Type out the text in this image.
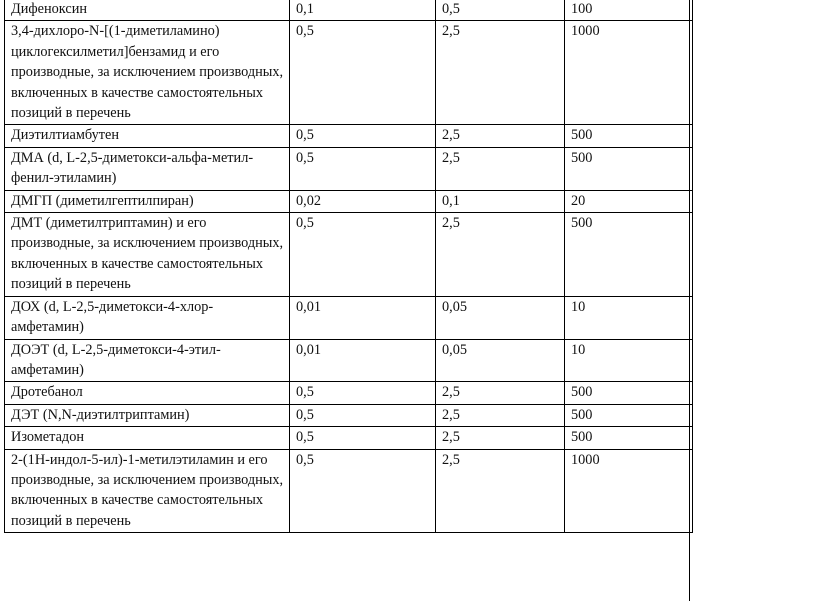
Дифеноксин	0,1	0,5	100
3,4-дихлоро-N-[(1-диметиламино) циклогексилметил]бензамид и его производные, за исключением производных, включенных в качестве самостоятельных позиций в перечень	0,5	2,5	1000
Диэтилтиамбутен	0,5	2,5	500
ДМА (d, L-2,5-диметокси-альфа-метил-фенил-этиламин)	0,5	2,5	500
ДМГП (диметилгептилпиран)	0,02	0,1	20
ДМТ (диметилтриптамин) и его производные, за исключением производных, включенных в качестве самостоятельных позиций в перечень	0,5	2,5	500
ДОХ (d, L-2,5-диметокси-4-хлор-амфетамин)	0,01	0,05	10
ДОЭТ (d, L-2,5-диметокси-4-этил-амфетамин)	0,01	0,05	10
Дротебанол	0,5	2,5	500
ДЭТ (N,N-диэтилтриптамин)	0,5	2,5	500
Изометадон	0,5	2,5	500
2-(1Н-индол-5-ил)-1-метилэтиламин и его производные, за исключением производных, включенных в качестве самостоятельных позиций в перечень	0,5	2,5	1000
